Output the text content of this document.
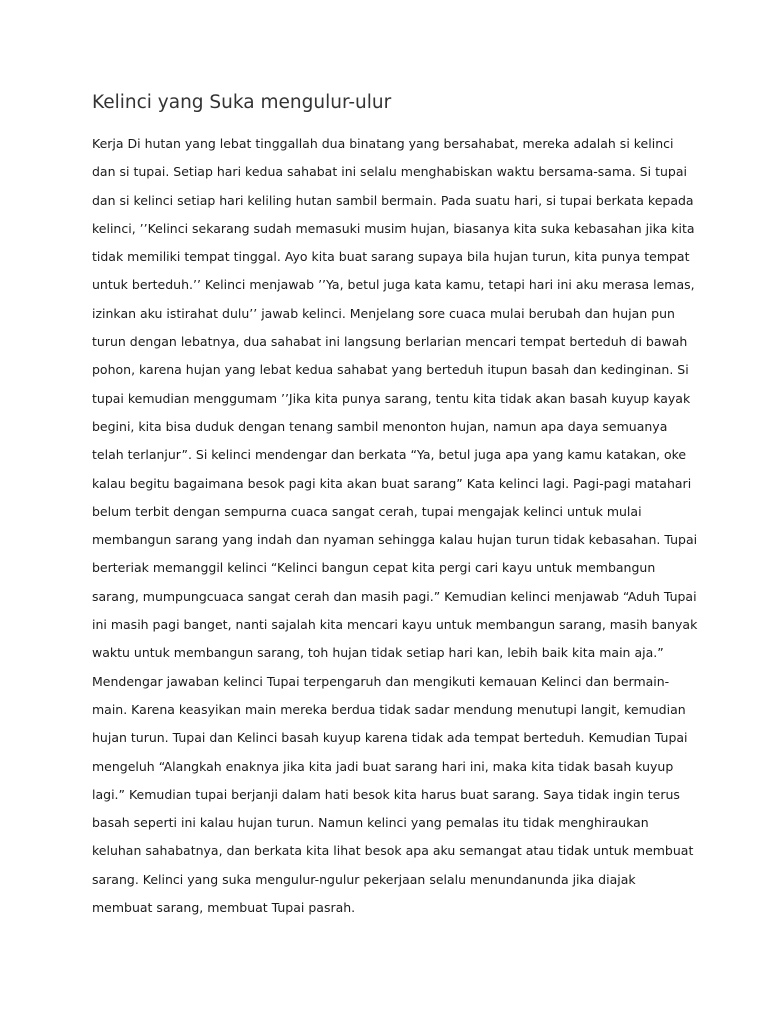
Kelinci yang Suka mengulur-ulur
Kerja Di hutan yang lebat tinggallah dua binatang yang bersahabat, mereka adalah si kelinci
dan si tupai. Setiap hari kedua sahabat ini selalu menghabiskan waktu bersama-sama. Si tupai
dan si kelinci setiap hari keliling hutan sambil bermain. Pada suatu hari, si tupai berkata kepada
kelinci, ’’Kelinci sekarang sudah memasuki musim hujan, biasanya kita suka kebasahan jika kita
tidak memiliki tempat tinggal. Ayo kita buat sarang supaya bila hujan turun, kita punya tempat
untuk berteduh.’’ Kelinci menjawab ’’Ya, betul juga kata kamu, tetapi hari ini aku merasa lemas,
izinkan aku istirahat dulu’’ jawab kelinci. Menjelang sore cuaca mulai berubah dan hujan pun
turun dengan lebatnya, dua sahabat ini langsung berlarian mencari tempat berteduh di bawah
pohon, karena hujan yang lebat kedua sahabat yang berteduh itupun basah dan kedinginan. Si
tupai kemudian menggumam ’’Jika kita punya sarang, tentu kita tidak akan basah kuyup kayak
begini, kita bisa duduk dengan tenang sambil menonton hujan, namun apa daya semuanya
telah terlanjur”. Si kelinci mendengar dan berkata “Ya, betul juga apa yang kamu katakan, oke
kalau begitu bagaimana besok pagi kita akan buat sarang” Kata kelinci lagi. Pagi-pagi matahari
belum terbit dengan sempurna cuaca sangat cerah, tupai mengajak kelinci untuk mulai
membangun sarang yang indah dan nyaman sehingga kalau hujan turun tidak kebasahan. Tupai
berteriak memanggil kelinci “Kelinci bangun cepat kita pergi cari kayu untuk membangun
sarang, mumpungcuaca sangat cerah dan masih pagi.” Kemudian kelinci menjawab “Aduh Tupai
ini masih pagi banget, nanti sajalah kita mencari kayu untuk membangun sarang, masih banyak
waktu untuk membangun sarang, toh hujan tidak setiap hari kan, lebih baik kita main aja.”
Mendengar jawaban kelinci Tupai terpengaruh dan mengikuti kemauan Kelinci dan bermain-
main. Karena keasyikan main mereka berdua tidak sadar mendung menutupi langit, kemudian
hujan turun. Tupai dan Kelinci basah kuyup karena tidak ada tempat berteduh. Kemudian Tupai
mengeluh “Alangkah enaknya jika kita jadi buat sarang hari ini, maka kita tidak basah kuyup
lagi.” Kemudian tupai berjanji dalam hati besok kita harus buat sarang. Saya tidak ingin terus
basah seperti ini kalau hujan turun. Namun kelinci yang pemalas itu tidak menghiraukan
keluhan sahabatnya, dan berkata kita lihat besok apa aku semangat atau tidak untuk membuat
sarang. Kelinci yang suka mengulur-ngulur pekerjaan selalu menundanunda jika diajak
membuat sarang, membuat Tupai pasrah.
